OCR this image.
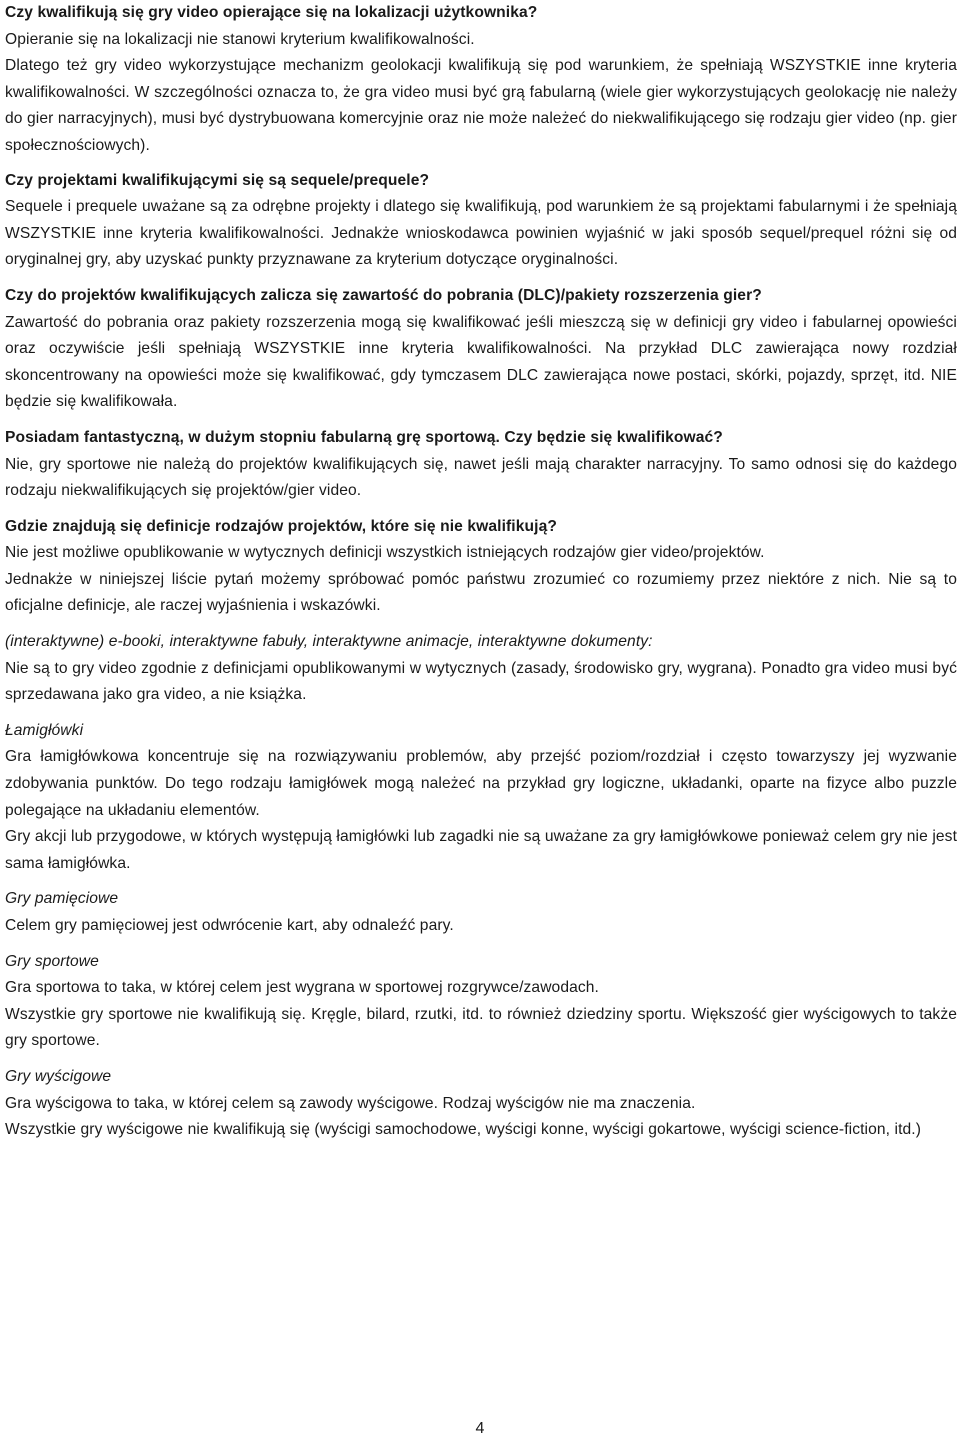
Czy kwalifikują się gry video opierające się na lokalizacji użytkownika?

Opieranie się na lokalizacji nie stanowi kryterium kwalifikowalności.

Dlatego też gry video wykorzystujące mechanizm geolokacji kwalifikują się pod warunkiem, że spełniają WSZYSTKIE inne kryteria kwalifikowalności. W szczególności oznacza to, że gra video musi być grą fabularną (wiele gier wykorzystujących geolokację nie należy do gier narracyjnych), musi być dystrybuowana komercyjnie oraz nie może należeć do niekwalifikującego się rodzaju gier video (np. gier społecznościowych).

Czy projektami kwalifikującymi się są sequele/prequele?

Sequele i prequele uważane są za odrębne projekty i dlatego się kwalifikują, pod warunkiem że są projektami fabularnymi i że spełniają WSZYSTKIE inne kryteria kwalifikowalności. Jednakże wnioskodawca powinien wyjaśnić w jaki sposób sequel/prequel różni się od oryginalnej gry, aby uzyskać punkty przyznawane za kryterium dotyczące oryginalności.

Czy do projektów kwalifikujących zalicza się zawartość do pobrania (DLC)/pakiety rozszerzenia gier?

Zawartość do pobrania oraz pakiety rozszerzenia mogą się kwalifikować jeśli mieszczą się w definicji gry video i fabularnej opowieści oraz oczywiście jeśli spełniają WSZYSTKIE inne kryteria kwalifikowalności. Na przykład DLC zawierająca nowy rozdział skoncentrowany na opowieści może się kwalifikować, gdy tymczasem DLC zawierająca nowe postaci, skórki, pojazdy, sprzęt, itd. NIE będzie się kwalifikowała.

Posiadam fantastyczną, w dużym stopniu fabularną grę sportową. Czy będzie się kwalifikować?

Nie, gry sportowe nie należą do projektów kwalifikujących się, nawet jeśli mają charakter narracyjny. To samo odnosi się do każdego rodzaju niekwalifikujących się projektów/gier video.

Gdzie znajdują się definicje rodzajów projektów, które się nie kwalifikują?

Nie jest możliwe opublikowanie w wytycznych definicji wszystkich istniejących rodzajów gier video/projektów.

Jednakże w niniejszej liście pytań możemy spróbować pomóc państwu zrozumieć co rozumiemy przez niektóre z nich. Nie są to oficjalne definicje, ale raczej wyjaśnienia i wskazówki.

(interaktywne) e-booki, interaktywne fabuły, interaktywne animacje, interaktywne dokumenty:

Nie są to gry video zgodnie z definicjami opublikowanymi w wytycznych (zasady, środowisko gry, wygrana). Ponadto gra video musi być sprzedawana jako gra video, a nie książka.

Łamigłówki

Gra łamigłówkowa koncentruje się na rozwiązywaniu problemów, aby przejść poziom/rozdział i często towarzyszy jej wyzwanie zdobywania punktów. Do tego rodzaju łamigłówek mogą należeć na przykład gry logiczne, układanki, oparte na fizyce albo puzzle polegające na układaniu elementów.

Gry akcji lub przygodowe, w których występują łamigłówki lub zagadki nie są uważane za gry łamigłówkowe ponieważ celem gry nie jest sama łamigłówka.

Gry pamięciowe

Celem gry pamięciowej jest odwrócenie kart, aby odnaleźć pary.

Gry sportowe

Gra sportowa to taka, w której celem jest wygrana w sportowej rozgrywce/zawodach.

Wszystkie gry sportowe nie kwalifikują się. Kręgle, bilard, rzutki, itd. to również dziedziny sportu. Większość gier wyścigowych to także gry sportowe.

Gry wyścigowe

Gra wyścigowa to taka, w której celem są zawody wyścigowe. Rodzaj wyścigów nie ma znaczenia.

Wszystkie gry wyścigowe nie kwalifikują się (wyścigi samochodowe, wyścigi konne, wyścigi gokartowe, wyścigi science-fiction, itd.)

4
